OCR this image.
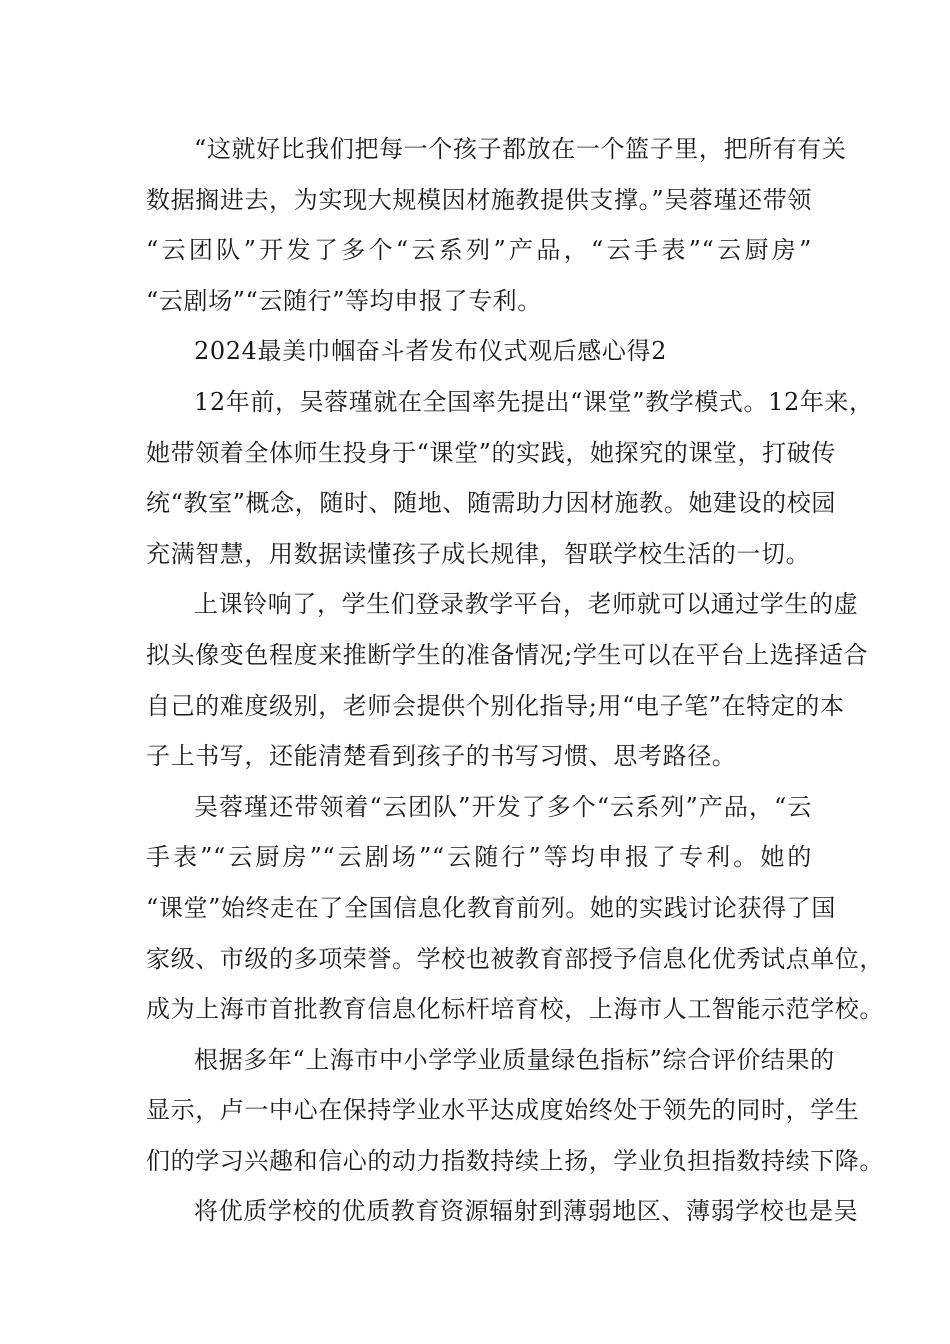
“这就好比我们把每一个孩子都放在一个篮子里，把所有有关
数据搁进去，为实现大规模因材施教提供支撑。”吴蓉瑾还带领
“云团队”开发了多个“云系列”产品，“云手表”“云厨房”
“云剧场”“云随行”等均申报了专利。
2024最美巾帼奋斗者发布仪式观后感心得2
12年前，吴蓉瑾就在全国率先提出“课堂”教学模式。12年来，
她带领着全体师生投身于“课堂”的实践，她探究的课堂，打破传
统“教室”概念，随时、随地、随需助力因材施教。她建设的校园
充满智慧，用数据读懂孩子成长规律，智联学校生活的一切。
上课铃响了，学生们登录教学平台，老师就可以通过学生的虚
拟头像变色程度来推断学生的准备情况;学生可以在平台上选择适合
自己的难度级别，老师会提供个别化指导;用“电子笔”在特定的本
子上书写，还能清楚看到孩子的书写习惯、思考路径。
吴蓉瑾还带领着“云团队”开发了多个“云系列”产品，“云
手表”“云厨房”“云剧场”“云随行”等均申报了专利。她的
“课堂”始终走在了全国信息化教育前列。她的实践讨论获得了国
家级、市级的多项荣誉。学校也被教育部授予信息化优秀试点单位，
成为上海市首批教育信息化标杆培育校，上海市人工智能示范学校。
根据多年“上海市中小学学业质量绿色指标”综合评价结果的
显示，卢一中心在保持学业水平达成度始终处于领先的同时，学生
们的学习兴趣和信心的动力指数持续上扬，学业负担指数持续下降。
将优质学校的优质教育资源辐射到薄弱地区、薄弱学校也是吴
